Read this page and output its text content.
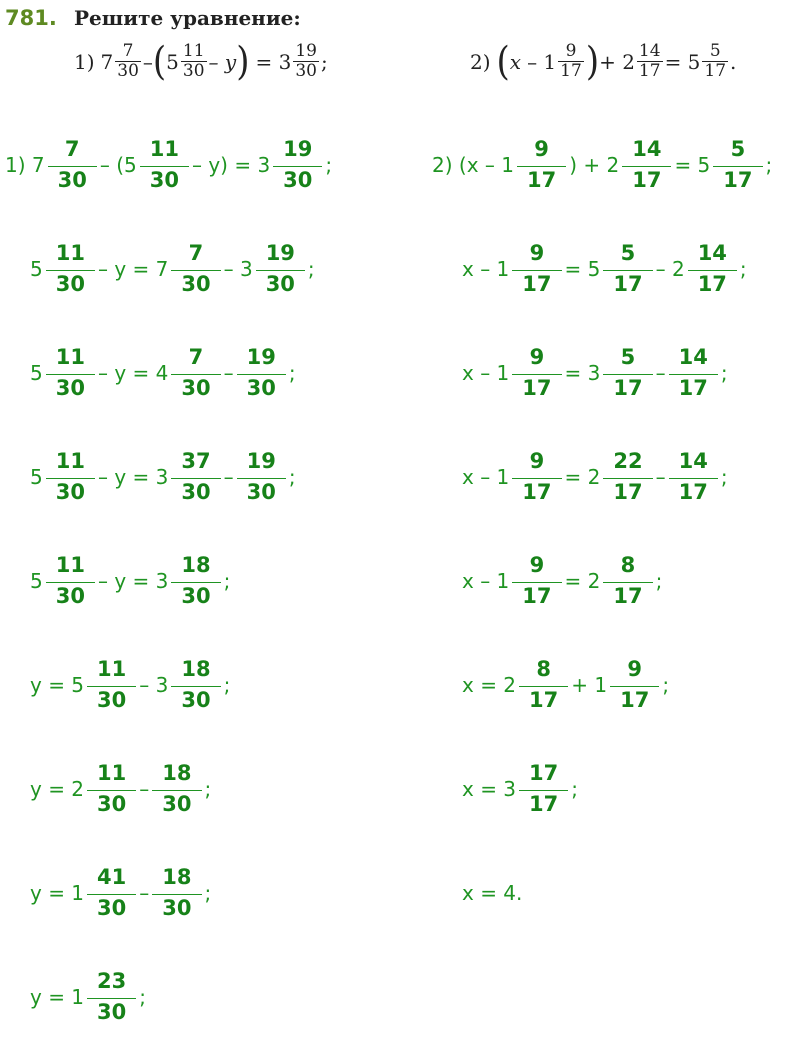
781. Решите уравнение:
1) $7 \frac{7}{30}$ – ( $5 \frac{11}{30}$ – y ) = $3 \frac{19}{30}$ ;	2) ( x – $1 \frac{9}{17}$ ) + $2 \frac{14}{17} = 5 \frac{5}{17}$ .
1) $7 \frac{7}{30} - (5 \frac{11}{30} - y) = 3 \frac{19}{30}$ ;
$5 \frac{11}{30} - y = 7 \frac{7}{30} - 3 \frac{19}{30}$ ;
$5 \frac{11}{30} - y = 4 \frac{7}{30} - \frac{19}{30}$ ;
$5 \frac{11}{30} - y = 3 \frac{37}{30} - \frac{19}{30}$ ;
$5 \frac{11}{30} - y = 3 \frac{18}{30}$ ;
$y = 5 \frac{11}{30} - 3 \frac{18}{30}$ ;
$y = 2 \frac{11}{30} - \frac{18}{30}$ ;
$y = 1 \frac{41}{30} - \frac{18}{30}$ ;
$y = 1 \frac{23}{30}$ ;
2) ($x - 1 \frac{9}{17}$ ) + $2 \frac{14}{17} = 5 \frac{5}{17}$ ;
$x - 1 \frac{9}{17} = 5 \frac{5}{17} - 2 \frac{14}{17}$ ;
$x - 1 \frac{9}{17} = 3 \frac{5}{17} - \frac{14}{17}$ ;
$x - 1 \frac{9}{17} = 2 \frac{22}{17} - \frac{14}{17}$ ;
$x - 1 \frac{9}{17} = 2 \frac{8}{17}$ ;
$x = 2 \frac{8}{17} + 1 \frac{9}{17}$ ;
$x = 3 \frac{17}{17}$ ;
x = 4.
